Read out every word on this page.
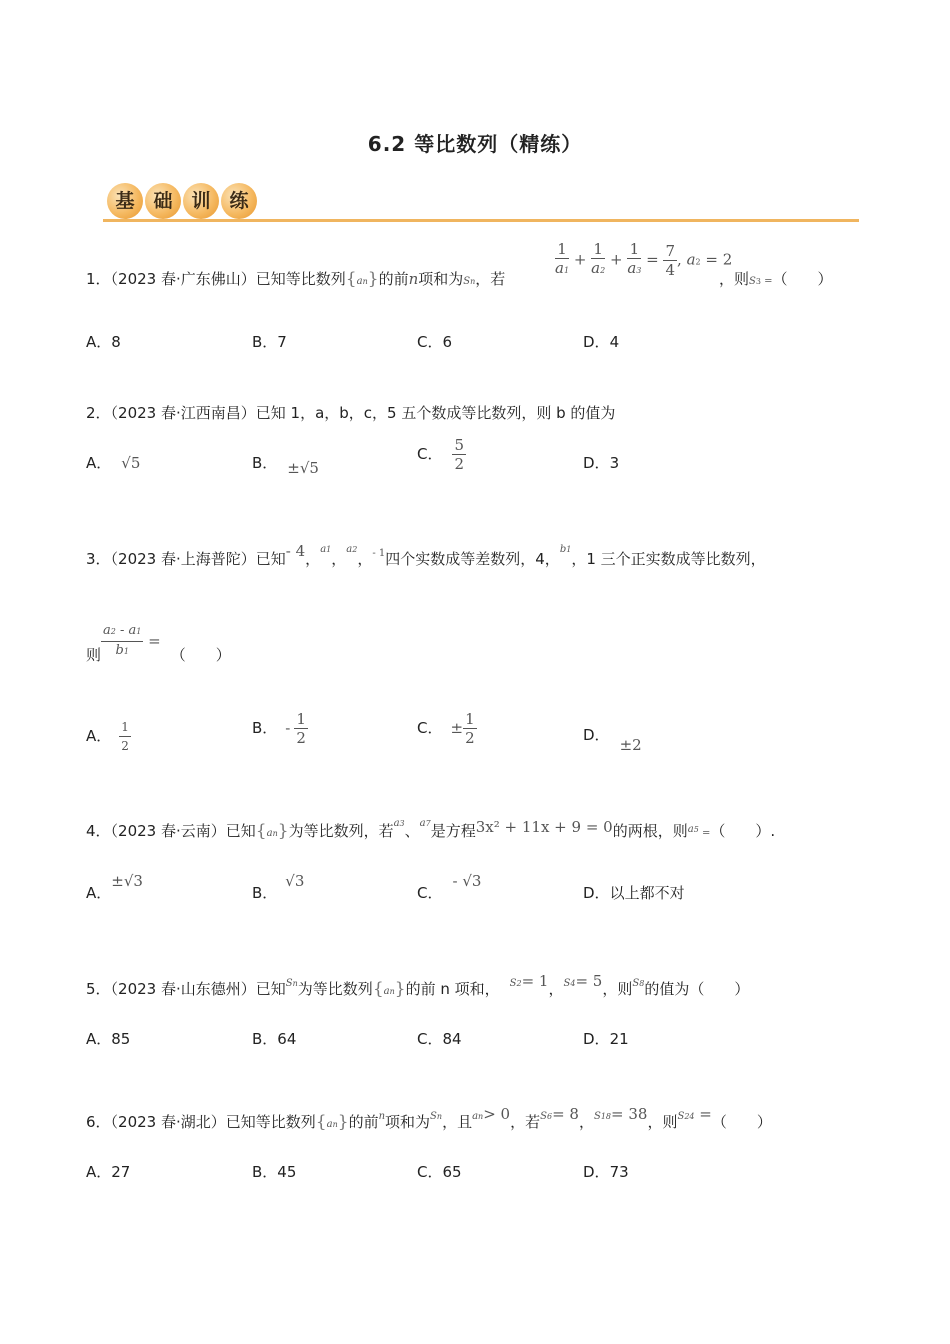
6.2 等比数列（精练）
基 础 训 练
1．（2023 春·广东佛山）已知等比数列{an}的前n项和为Sn，若	$\frac{1}{a1} + \frac{1}{a2} + \frac{1}{a3} = \frac{7}{4}$ , a2 = 2
，则S3 =（　　）
A．8	B．7	C．6	D．4
2．（2023 春·江西南昌）已知 1，a，b，c，5 五个数成等比数列，则 b 的值为
A． √5	B． ±√5
C． $\frac{5}{2}$	D．3
3．（2023 春·上海普陀）已知- 4，$^{a1}$，$^{a2}$，$^{- 1}$四个实数成等差数列，4，$^{b1}$，1 三个正实数成等比数列，
则 $\frac{a2 - a1}{b1}$ =（　　）
A． $\frac{1}{2}$	B． - $\frac{1}{2}$	C． ± $\frac{1}{2}$	D．±2
4．（2023 春·云南）已知{an}为等比数列，若$^{a3}$、$^{a7}$是方程3x² + 11x + 9 = 0的两根，则$^{a5}$ =（　　）.
A．±√3
B．√3
C．- √3
D．以上都不对
5．（2023 春·山东德州）已知$^{Sn}$为等比数列{an}的前 n 项和， $^{S2}$= 1，$^{S4}$= 5，则$^{S8}$的值为（　　）
A．85	B．64	C．84	D．21
6．（2023 春·湖北）已知等比数列{an}的前$^n$项和为$^{Sn}$，且$^{an}$> 0，若$^{S6}$= 8，$^{S18}$= 38，则$^{S24}$ =（　　）
A．27	B．45	C．65	D．73
